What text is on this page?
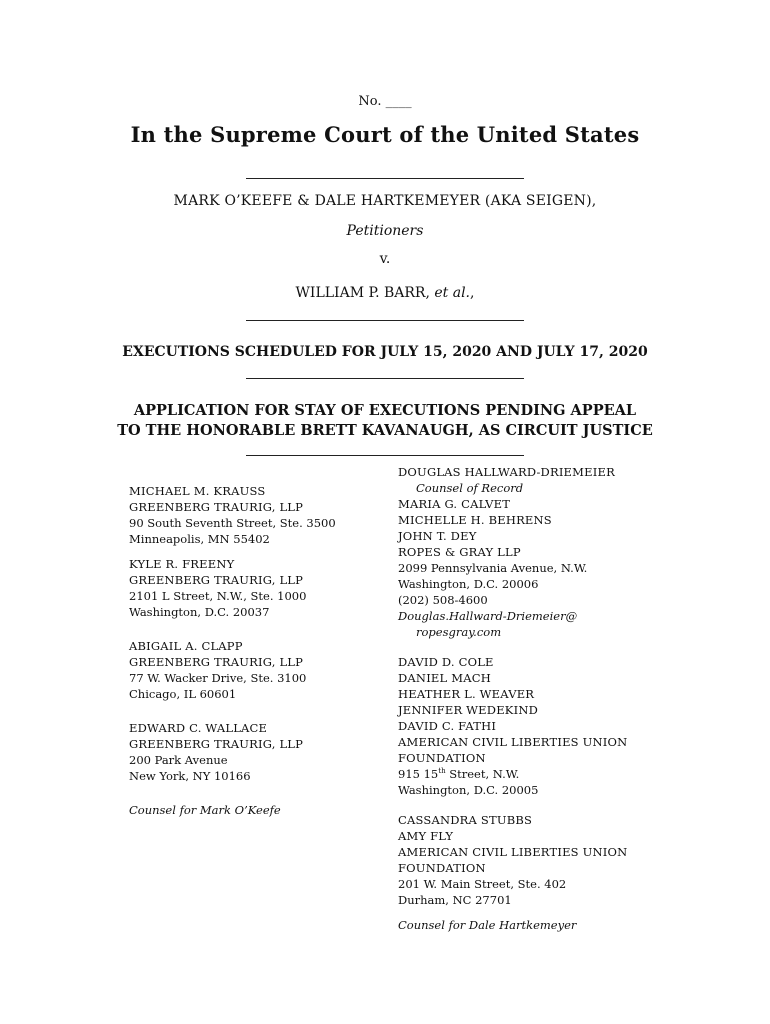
No. ____
In the Supreme Court of the United States
MARK O’KEEFE & DALE HARTKEMEYER (AKA SEIGEN),
Petitioners
v.
WILLIAM P. BARR, et al.,
EXECUTIONS SCHEDULED FOR JULY 15, 2020 AND JULY 17, 2020
APPLICATION FOR STAY OF EXECUTIONS PENDING APPEAL
TO THE HONORABLE BRETT KAVANAUGH, AS CIRCUIT JUSTICE
MICHAEL M. KRAUSS
GREENBERG TRAURIG, LLP
90 South Seventh Street, Ste. 3500
Minneapolis, MN 55402
KYLE R. FREENY
GREENBERG TRAURIG, LLP
2101 L Street, N.W., Ste. 1000
Washington, D.C. 20037
ABIGAIL A. CLAPP
GREENBERG TRAURIG, LLP
77 W. Wacker Drive, Ste. 3100
Chicago, IL 60601
EDWARD C. WALLACE
GREENBERG TRAURIG, LLP
200 Park Avenue
New York, NY 10166
Counsel for Mark O’Keefe
DOUGLAS HALLWARD-DRIEMEIER
Counsel of Record
MARIA G. CALVET
MICHELLE H. BEHRENS
JOHN T. DEY
ROPES & GRAY LLP
2099 Pennsylvania Avenue, N.W.
Washington, D.C. 20006
(202) 508-4600
Douglas.Hallward-Driemeier@
ropesgray.com
DAVID D. COLE
DANIEL MACH
HEATHER L. WEAVER
JENNIFER WEDEKIND
DAVID C. FATHI
AMERICAN CIVIL LIBERTIES UNION FOUNDATION
915 15th Street, N.W.
Washington, D.C. 20005
CASSANDRA STUBBS
AMY FLY
AMERICAN CIVIL LIBERTIES UNION FOUNDATION
201 W. Main Street, Ste. 402
Durham, NC 27701
Counsel for Dale Hartkemeyer
